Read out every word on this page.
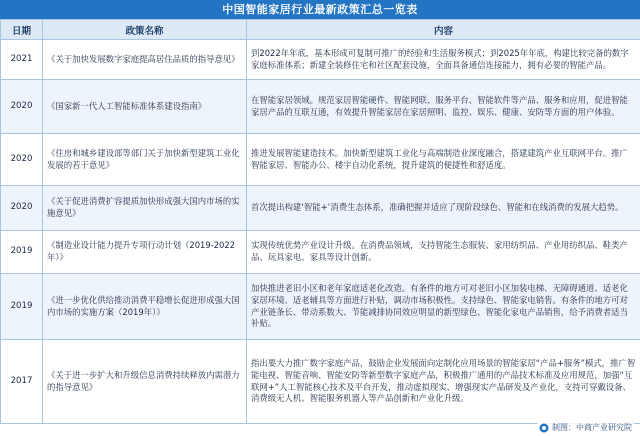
中国智能家居行业最新政策汇总一览表
日期	政策名称	内容
2021	《关于加快发展数字家庭提高居住品质的指导意见》	到2022年年底，基本形成可复制可推广的经验和生活服务模式；到2025年年底，构建比较完备的数字家庭标准体系；新建全装修住宅和社区配套设施，全面具备通信连接能力，拥有必要的智能产品。
2020	《国家新一代人工智能标准体系建设指南》	在智能家居领域。规范家居智能硬件、智能网联、服务平台、智能软件等产品、服务和应用，促进智能家居产品的互联互通，有效提升智能家居在家居照明、监控、娱乐、健康、安防等方面的用户体验。
2020	《住房和城乡建设部等部门关于加快新型建筑工业化发展的若干意见》	推进发展智能建造技术。加快新型建筑工业化与高端制造业深度融合，搭建建筑产业互联网平台。推广智能家居、智能办公、楼宇自动化系统，提升建筑的便捷性和舒适度。
2020	《关于促进消费扩容提质加快形成强大国内市场的实施意见》	首次提出构建‘智能+’消费生态体系，准确把握并适应了现阶段绿色、智能和在线消费的发展大趋势。
2019	《制造业设计能力提升专项行动计划（2019-2022年）》	实现传统优势产业设计升级。在消费品领域，支持智能生态服装、家用纺织品、产业用纺织品、鞋类产品、玩具家电、家具等设计创新。
2019	《进一步优化供给推动消费平稳增长促进形成强大国内市场的实施方案（2019年）》	加快推进老旧小区和老年家庭适老化改造。有条件的地方可对老旧小区加装电梯、无障碍通道、适老化家居环境、适老辅具等方面进行补贴，调动市场积极性。支持绿色、智能家电销售。有条件的地方可对产业链条长、带动系数大、节能减排协同效应明显的新型绿色、智能化家电产品销售，给予消费者适当补贴。
2017	《关于进一步扩大和升级信息消费持续释放内需潜力的指导意见》	指出要大力推广数字家庭产品，鼓励企业发展面向定制化应用场景的智能家居“产品+服务”模式，推广智能电视、智能音响、智能安防等新型数字家庭产品，积极推广通用的产品技术标准及应用规范，加强“互联网+”人工智能核心技术及平台开发，推动虚拟现实、增强现实产品研发及产业化，支持可穿戴设备、消费级无人机、智能服务机器人等产品创新和产业化升级。
制图：中商产业研究院
